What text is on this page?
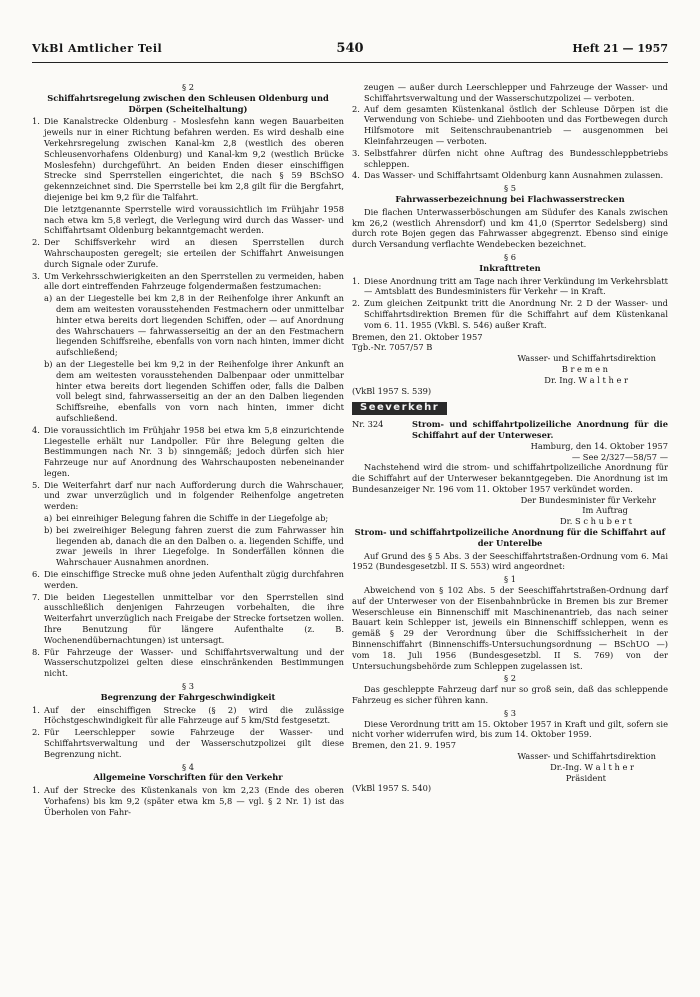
VkBl Amtlicher Teil	540	Heft 21 — 1957

§ 2

Schiffahrtsregelung zwischen den Schleusen Oldenburg und Dörpen (Scheitelhaltung)

1. Die Kanalstrecke Oldenburg - Moslesfehn kann wegen Bauarbeiten jeweils nur in einer Richtung befahren werden. Es wird deshalb eine Verkehrsregelung zwischen Kanal-km 2,8 (westlich des oberen Schleusenvorhafens Oldenburg) und Kanal-km 9,2 (westlich Brücke Moslesfehn) durchgeführt. An beiden Enden dieser einschiffigen Strecke sind Sperrstellen eingerichtet, die nach § 59 BSchSO gekennzeichnet sind. Die Sperrstelle bei km 2,8 gilt für die Bergfahrt, diejenige bei km 9,2 für die Talfahrt.
Die letztgenannte Sperrstelle wird voraussichtlich im Frühjahr 1958 nach etwa km 5,8 verlegt, die Verlegung wird durch das Wasser- und Schiffahrtsamt Oldenburg bekanntgemacht werden.
2. Der Schiffsverkehr wird an diesen Sperrstellen durch Wahrschauposten geregelt; sie erteilen der Schiffahrt Anweisungen durch Signale oder Zurufe.
3. Um Verkehrsschwierigkeiten an den Sperrstellen zu vermeiden, haben alle dort eintreffenden Fahrzeuge folgendermaßen festzumachen:
a) an der Liegestelle bei km 2,8 in der Reihenfolge ihrer Ankunft an dem am weitesten vorausstehenden Festmachern oder unmittelbar hinter etwa bereits dort liegenden Schiffen, oder — auf Anordnung des Wahrschauers — fahrwasserseitig an der an den Festmachern liegenden Schiffsreihe, ebenfalls von vorn nach hinten, immer dicht aufschließend;
b) an der Liegestelle bei km 9,2 in der Reihenfolge ihrer Ankunft an dem am weitesten vorausstehenden Dalbenpaar oder unmittelbar hinter etwa bereits dort liegenden Schiffen oder, falls die Dalben voll belegt sind, fahrwasserseitig an der an den Dalben liegenden Schiffsreihe, ebenfalls von vorn nach hinten, immer dicht aufschließend.
4. Die voraussichtlich im Frühjahr 1958 bei etwa km 5,8 einzurichtende Liegestelle erhält nur Landpoller. Für ihre Belegung gelten die Bestimmungen nach Nr. 3 b) sinngemäß; jedoch dürfen sich hier Fahrzeuge nur auf Anordnung des Wahrschauposten nebeneinander legen.
5. Die Weiterfahrt darf nur nach Aufforderung durch die Wahrschauer, und zwar unverzüglich und in folgender Reihenfolge angetreten werden:
a) bei einreihiger Belegung fahren die Schiffe in der Liegefolge ab;
b) bei zweireihiger Belegung fahren zuerst die zum Fahrwasser hin liegenden ab, danach die an den Dalben o. a. liegenden Schiffe, und zwar jeweils in ihrer Liegefolge. In Sonderfällen können die Wahrschauer Ausnahmen anordnen.
6. Die einschiffige Strecke muß ohne jeden Aufenthalt zügig durchfahren werden.
7. Die beiden Liegestellen unmittelbar vor den Sperrstellen sind ausschließlich denjenigen Fahrzeugen vorbehalten, die ihre Weiterfahrt unverzüglich nach Freigabe der Strecke fortsetzen wollen. Ihre Benutzung für längere Aufenthalte (z. B. Wochenendübernachtungen) ist untersagt.
8. Für Fahrzeuge der Wasser- und Schiffahrtsverwaltung und der Wasserschutzpolizei gelten diese einschränkenden Bestimmungen nicht.

§ 3

Begrenzung der Fahrgeschwindigkeit

1. Auf der einschiffigen Strecke (§ 2) wird die zulässige Höchstgeschwindigkeit für alle Fahrzeuge auf 5 km/Std festgesetzt.
2. Für Leerschlepper sowie Fahrzeuge der Wasser- und Schiffahrtsverwaltung und der Wasserschutzpolizei gilt diese Begrenzung nicht.

§ 4

Allgemeine Vorschriften für den Verkehr

1. Auf der Strecke des Küstenkanals von km 2,23 (Ende des oberen Vorhafens) bis km 9,2 (später etwa km 5,8 — vgl. § 2 Nr. 1) ist das Überholen von Fahr-

zeugen — außer durch Leerschlepper und Fahrzeuge der Wasser- und Schiffahrtsverwaltung und der Wasserschutzpolizei — verboten.

2. Auf dem gesamten Küstenkanal östlich der Schleuse Dörpen ist die Verwendung von Schiebe- und Ziehbooten und das Fortbewegen durch Hilfsmotore mit Seitenschraubenantrieb — ausgenommen bei Kleinfahrzeugen — verboten.
3. Selbstfahrer dürfen nicht ohne Auftrag des Bundesschleppbetriebs schleppen.
4. Das Wasser- und Schiffahrtsamt Oldenburg kann Ausnahmen zulassen.

§ 5

Fahrwasserbezeichnung bei Flachwasserstrecken

Die flachen Unterwasserböschungen am Südufer des Kanals zwischen km 26,2 (westlich Ahrensdorf) und km 41,0 (Sperrtor Sedelsberg) sind durch rote Bojen gegen das Fahrwasser abgegrenzt. Ebenso sind einige durch Versandung verflachte Wendebecken bezeichnet.

§ 6

Inkrafttreten

1. Diese Anordnung tritt am Tage nach ihrer Verkündung im Verkehrsblatt — Amtsblatt des Bundesministers für Verkehr — in Kraft.
2. Zum gleichen Zeitpunkt tritt die Anordnung Nr. 2 D der Wasser- und Schiffahrtsdirektion Bremen für die Schiffahrt auf dem Küstenkanal vom 6. 11. 1955 (VkBl. S. 546) außer Kraft.

Bremen, den 21. Oktober 1957

Tgb.-Nr. 7057/57 B

Wasser- und Schiffahrtsdirektion

B r e m e n

Dr. Ing. W a l t h e r

(VkBl 1957 S. 539)

Seeverkehr
Nr. 324	Strom- und schiffahrtpolizeiliche Anordnung für die Schiffahrt auf der Unterweser.

Hamburg, den 14. Oktober 1957

— See 2/327—58/57 —

Nachstehend wird die strom- und schiffahrtpolizeiliche Anordnung für die Schiffahrt auf der Unterweser bekanntgegeben. Die Anordnung ist im Bundesanzeiger Nr. 196 vom 11. Oktober 1957 verkündet worden.

Der Bundesminister für Verkehr

Im Auftrag

Dr. S c h u b e r t

Strom- und schiffahrtpolizeiliche Anordnung für die Schiffahrt auf der Unterelbe

Auf Grund des § 5 Abs. 3 der Seeschiffahrtstraßen-Ordnung vom 6. Mai 1952 (Bundesgesetzbl. II S. 553) wird angeordnet:

§ 1

Abweichend von § 102 Abs. 5 der Seeschiffahrtstraßen-Ordnung darf auf der Unterweser von der Eisenbahnbrücke in Bremen bis zur Bremer Weserschleuse ein Binnenschiff mit Maschinenantrieb, das nach seiner Bauart kein Schlepper ist, jeweils ein Binnenschiff schleppen, wenn es gemäß § 29 der Verordnung über die Schiffssicherheit in der Binnenschiffahrt (Binnenschiffs-Untersuchungsordnung — BSchUO —) vom 18. Juli 1956 (Bundesgesetzbl. II S. 769) von der Untersuchungsbehörde zum Schleppen zugelassen ist.

§ 2

Das geschleppte Fahrzeug darf nur so groß sein, daß das schleppende Fahrzeug es sicher führen kann.

§ 3

Diese Verordnung tritt am 15. Oktober 1957 in Kraft und gilt, sofern sie nicht vorher widerrufen wird, bis zum 14. Oktober 1959.

Bremen, den 21. 9. 1957

Wasser- und Schiffahrtsdirektion

Dr.-Ing. W a l t h e r

Präsident

(VkBl 1957 S. 540)
